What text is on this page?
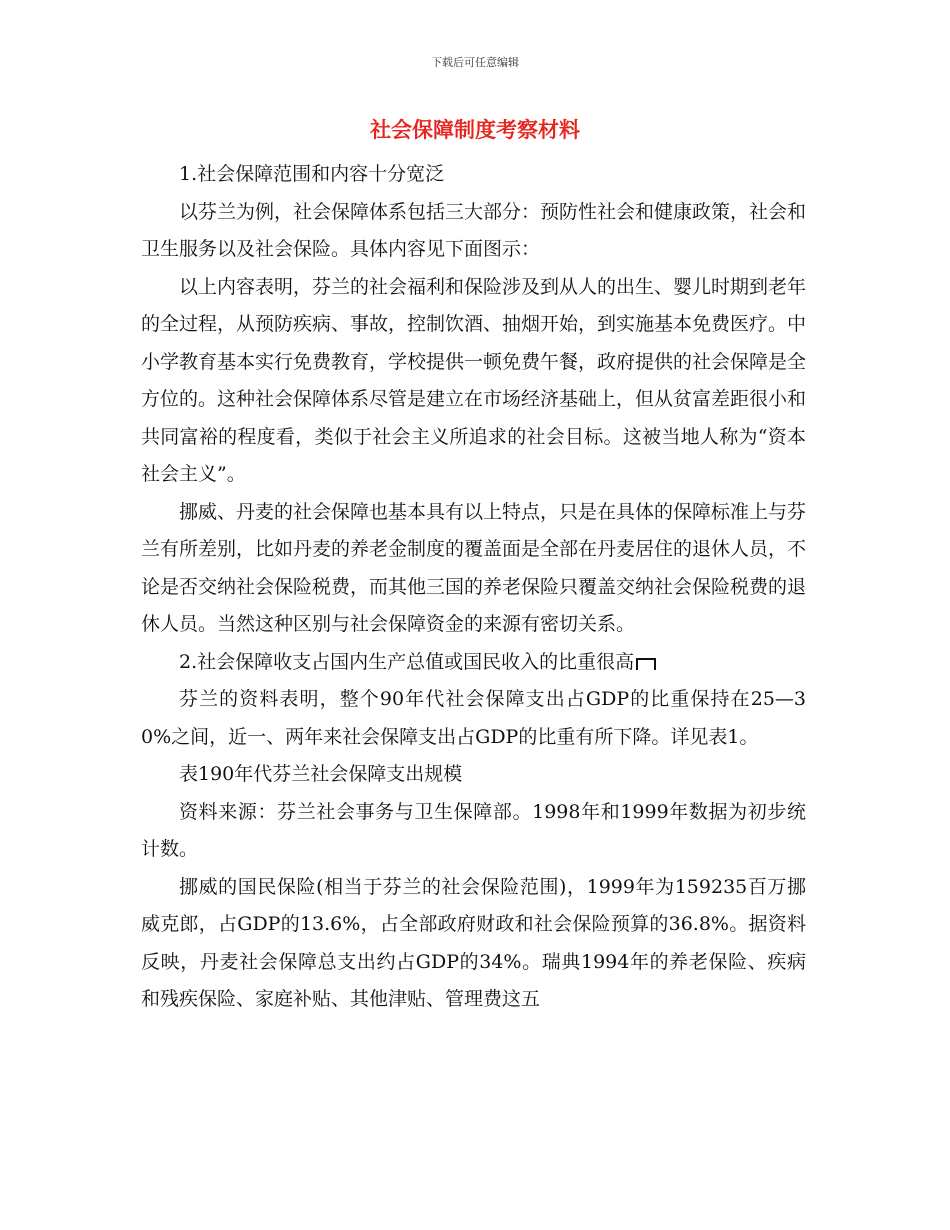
下载后可任意编辑
社会保障制度考察材料

1.社会保障范围和内容十分宽泛

以芬兰为例，社会保障体系包括三大部分：预防性社会和健康政策，社会和卫生服务以及社会保险。具体内容见下面图示：

以上内容表明，芬兰的社会福利和保险涉及到从人的出生、婴儿时期到老年的全过程，从预防疾病、事故，控制饮酒、抽烟开始，到实施基本免费医疗。中小学教育基本实行免费教育，学校提供一顿免费午餐，政府提供的社会保障是全方位的。这种社会保障体系尽管是建立在市场经济基础上，但从贫富差距很小和共同富裕的程度看，类似于社会主义所追求的社会目标。这被当地人称为“资本社会主义”。

挪威、丹麦的社会保障也基本具有以上特点，只是在具体的保障标准上与芬兰有所差别，比如丹麦的养老金制度的覆盖面是全部在丹麦居住的退休人员，不论是否交纳社会保险税费，而其他三国的养老保险只覆盖交纳社会保险税费的退休人员。当然这种区别与社会保障资金的来源有密切关系。

2.社会保障收支占国内生产总值或国民收入的比重很高

芬兰的资料表明，整个90年代社会保障支出占GDP的比重保持在25—30%之间，近一、两年来社会保障支出占GDP的比重有所下降。详见表1。

表190年代芬兰社会保障支出规模

资料来源：芬兰社会事务与卫生保障部。1998年和1999年数据为初步统计数。

挪威的国民保险(相当于芬兰的社会保险范围)，1999年为159235百万挪威克郎，占GDP的13.6%，占全部政府财政和社会保险预算的36.8%。据资料反映，丹麦社会保障总支出约占GDP的34%。瑞典1994年的养老保险、疾病和残疾保险、家庭补贴、其他津贴、管理费这五
